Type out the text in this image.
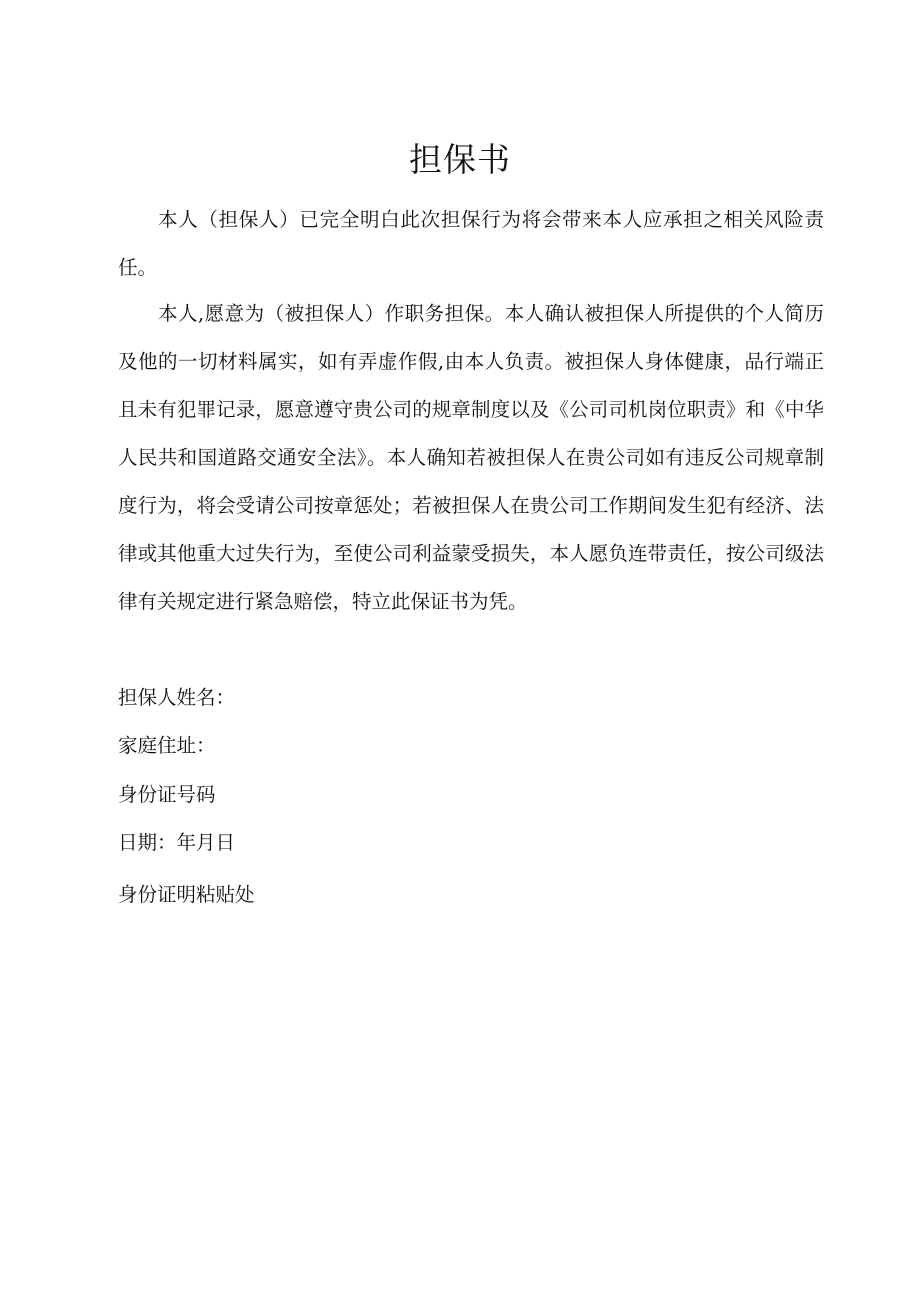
担保书

本人（担保人）已完全明白此次担保行为将会带来本人应承担之相关风险责任。

本人,愿意为（被担保人）作职务担保。本人确认被担保人所提供的个人简历及他的一切材料属实，如有弄虚作假,由本人负责。被担保人身体健康，品行端正且未有犯罪记录，愿意遵守贵公司的规章制度以及《公司司机岗位职责》和《中华人民共和国道路交通安全法》。本人确知若被担保人在贵公司如有违反公司规章制度行为，将会受请公司按章惩处；若被担保人在贵公司工作期间发生犯有经济、法律或其他重大过失行为，至使公司利益蒙受损失，本人愿负连带责任，按公司级法律有关规定进行紧急赔偿，特立此保证书为凭。

担保人姓名：
家庭住址：
身份证号码
日期：年月日
身份证明粘贴处
